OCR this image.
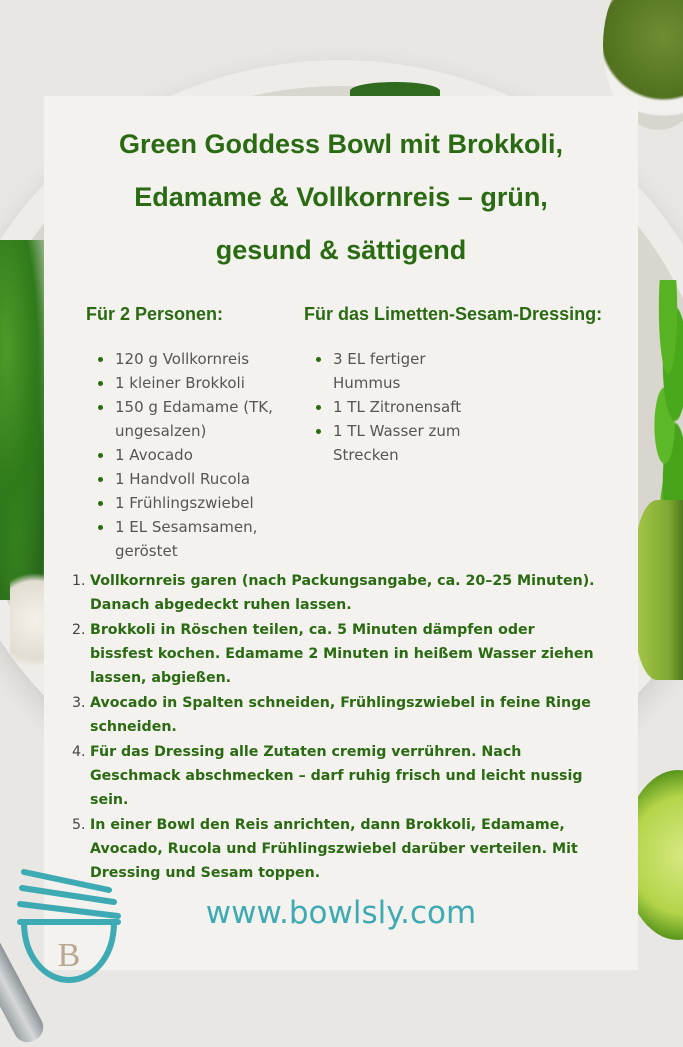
Green Goddess Bowl mit Brokkoli,
Edamame & Vollkornreis – grün,
gesund & sättigend
Für 2 Personen:	Für das Limetten-Sesam-Dressing:
120 g Vollkornreis
1 kleiner Brokkoli
150 g Edamame (TK, ungesalzen)
1 Avocado
1 Handvoll Rucola
1 Frühlingszwiebel
1 EL Sesamsamen, geröstet
3 EL fertiger Hummus
1 TL Zitronensaft
1 TL Wasser zum Strecken
1. Vollkornreis garen (nach Packungsangabe, ca. 20–25 Minuten). Danach abgedeckt ruhen lassen.
2. Brokkoli in Röschen teilen, ca. 5 Minuten dämpfen oder bissfest kochen. Edamame 2 Minuten in heißem Wasser ziehen lassen, abgießen.
3. Avocado in Spalten schneiden, Frühlingszwiebel in feine Ringe schneiden.
4. Für das Dressing alle Zutaten cremig verrühren. Nach Geschmack abschmecken – darf ruhig frisch und leicht nussig sein.
5. In einer Bowl den Reis anrichten, dann Brokkoli, Edamame, Avocado, Rucola und Frühlingszwiebel darüber verteilen. Mit Dressing und Sesam toppen.

www.bowlsly.com

B
